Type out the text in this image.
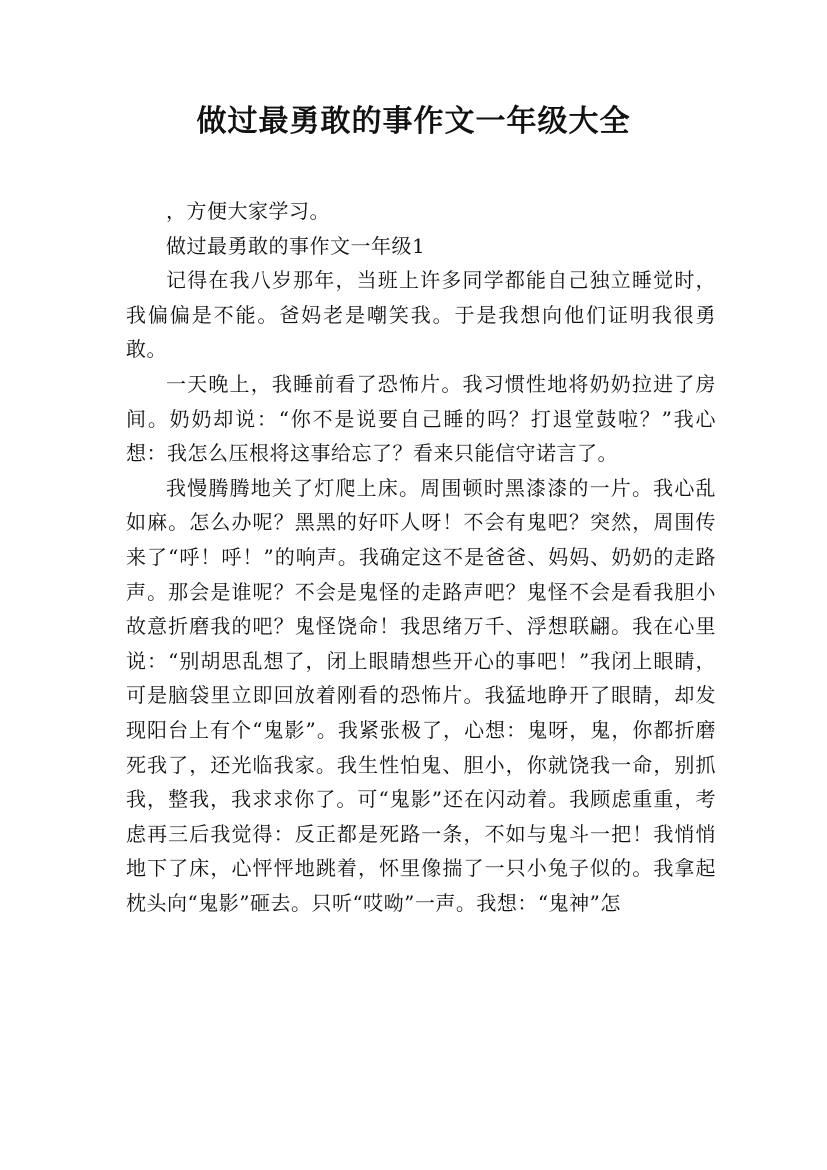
做过最勇敢的事作文一年级大全

，方便大家学习。

做过最勇敢的事作文一年级1

记得在我八岁那年，当班上许多同学都能自己独立睡觉时，我偏偏是不能。爸妈老是嘲笑我。于是我想向他们证明我很勇敢。

一天晚上，我睡前看了恐怖片。我习惯性地将奶奶拉进了房间。奶奶却说：“你不是说要自己睡的吗？打退堂鼓啦？”我心想：我怎么压根将这事给忘了？看来只能信守诺言了。

我慢腾腾地关了灯爬上床。周围顿时黑漆漆的一片。我心乱如麻。怎么办呢？黑黑的好吓人呀！不会有鬼吧？突然，周围传来了“呼！呼！”的响声。我确定这不是爸爸、妈妈、奶奶的走路声。那会是谁呢？不会是鬼怪的走路声吧？鬼怪不会是看我胆小故意折磨我的吧？鬼怪饶命！我思绪万千、浮想联翩。我在心里说：“别胡思乱想了，闭上眼睛想些开心的事吧！”我闭上眼睛，可是脑袋里立即回放着刚看的恐怖片。我猛地睁开了眼睛，却发现阳台上有个“鬼影”。我紧张极了，心想：鬼呀，鬼，你都折磨死我了，还光临我家。我生性怕鬼、胆小，你就饶我一命，别抓我，整我，我求求你了。可“鬼影”还在闪动着。我顾虑重重，考虑再三后我觉得：反正都是死路一条，不如与鬼斗一把！我悄悄地下了床，心怦怦地跳着，怀里像揣了一只小兔子似的。我拿起枕头向“鬼影”砸去。只听“哎呦”一声。我想：“鬼神”怎
